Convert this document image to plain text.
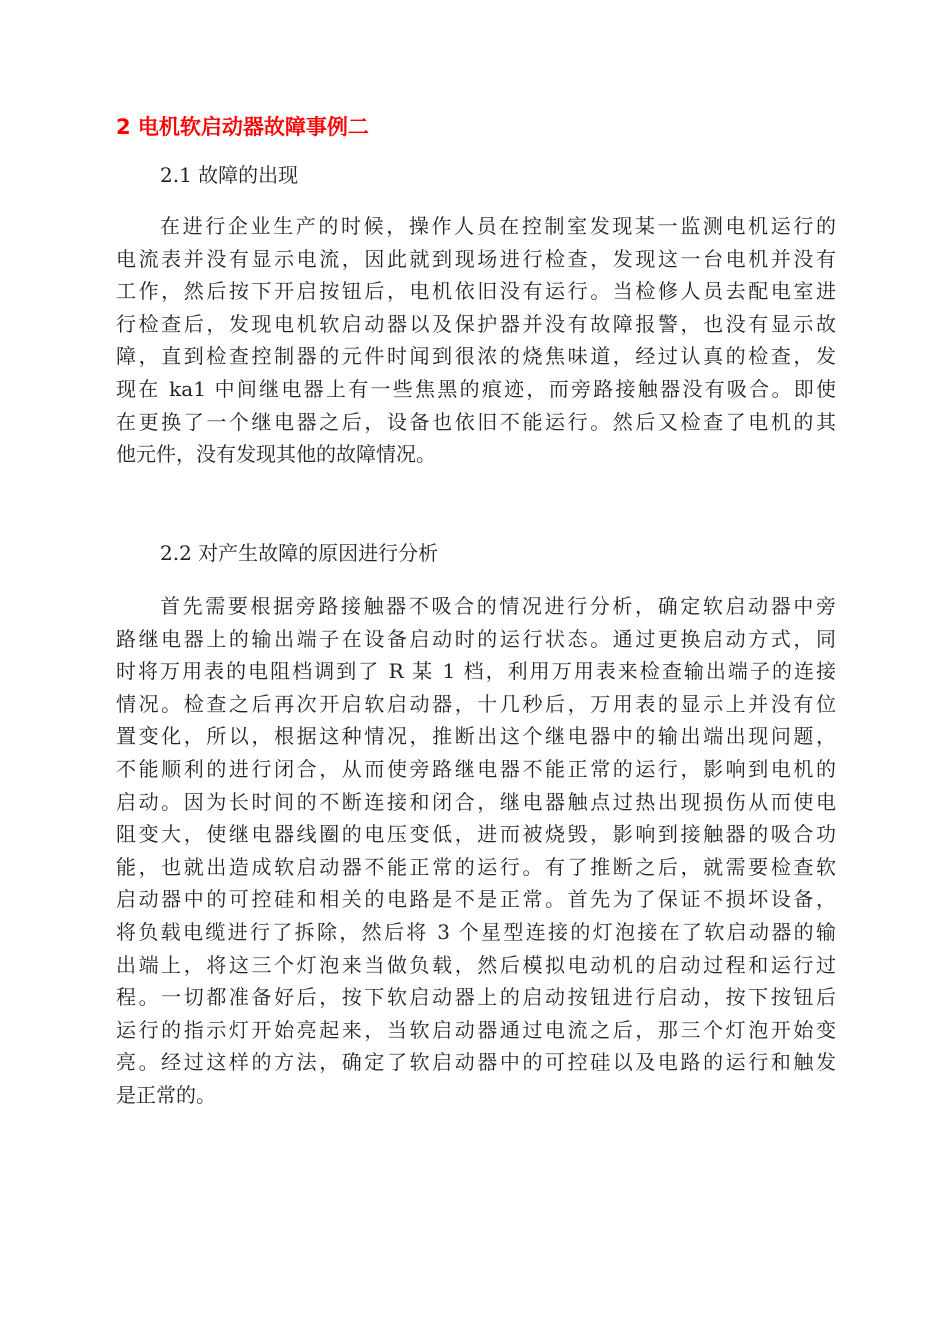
2 电机软启动器故障事例二
2.1 故障的出现
在进行企业生产的时候，操作人员在控制室发现某一监测电机运行的
电流表并没有显示电流，因此就到现场进行检查，发现这一台电机并没有
工作，然后按下开启按钮后，电机依旧没有运行。当检修人员去配电室进
行检查后，发现电机软启动器以及保护器并没有故障报警，也没有显示故
障，直到检查控制器的元件时闻到很浓的烧焦味道，经过认真的检查，发
现在 ka1 中间继电器上有一些焦黑的痕迹，而旁路接触器没有吸合。即使
在更换了一个继电器之后，设备也依旧不能运行。然后又检查了电机的其
他元件，没有发现其他的故障情况。
2.2 对产生故障的原因进行分析
首先需要根据旁路接触器不吸合的情况进行分析，确定软启动器中旁
路继电器上的输出端子在设备启动时的运行状态。通过更换启动方式，同
时将万用表的电阻档调到了 R 某 1 档，利用万用表来检查输出端子的连接
情况。检查之后再次开启软启动器，十几秒后，万用表的显示上并没有位
置变化，所以，根据这种情况，推断出这个继电器中的输出端出现问题，
不能顺利的进行闭合，从而使旁路继电器不能正常的运行，影响到电机的
启动。因为长时间的不断连接和闭合，继电器触点过热出现损伤从而使电
阻变大，使继电器线圈的电压变低，进而被烧毁，影响到接触器的吸合功
能，也就出造成软启动器不能正常的运行。有了推断之后，就需要检查软
启动器中的可控硅和相关的电路是不是正常。首先为了保证不损坏设备，
将负载电缆进行了拆除，然后将 3 个星型连接的灯泡接在了软启动器的输
出端上，将这三个灯泡来当做负载，然后模拟电动机的启动过程和运行过
程。一切都准备好后，按下软启动器上的启动按钮进行启动，按下按钮后
运行的指示灯开始亮起来，当软启动器通过电流之后，那三个灯泡开始变
亮。经过这样的方法，确定了软启动器中的可控硅以及电路的运行和触发
是正常的。
